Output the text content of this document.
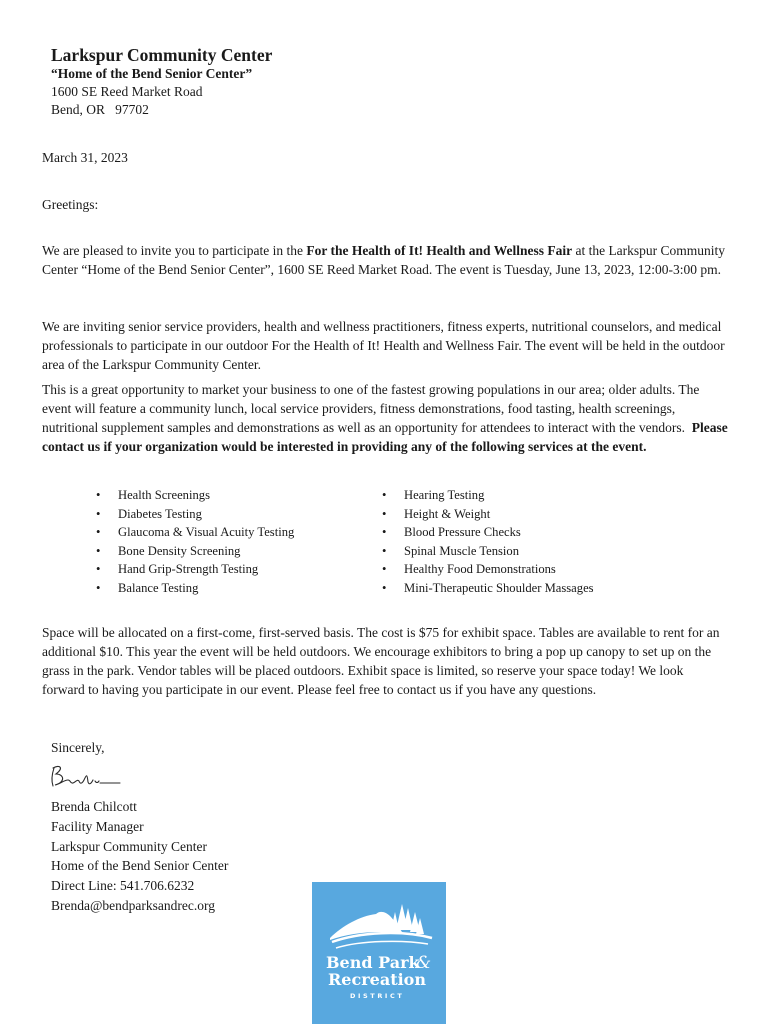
Larkspur Community Center
“Home of the Bend Senior Center”
1600 SE Reed Market Road
Bend, OR   97702
March 31, 2023
Greetings:
We are pleased to invite you to participate in the For the Health of It! Health and Wellness Fair at the Larkspur Community Center “Home of the Bend Senior Center”, 1600 SE Reed Market Road. The event is Tuesday, June 13, 2023, 12:00-3:00 pm.
We are inviting senior service providers, health and wellness practitioners, fitness experts, nutritional counselors, and medical professionals to participate in our outdoor For the Health of It! Health and Wellness Fair. The event will be held in the outdoor area of the Larkspur Community Center.
This is a great opportunity to market your business to one of the fastest growing populations in our area; older adults. The event will feature a community lunch, local service providers, fitness demonstrations, food tasting, health screenings, nutritional supplement samples and demonstrations as well as an opportunity for attendees to interact with the vendors.  Please contact us if your organization would be interested in providing any of the following services at the event.
• Health Screenings
• Diabetes Testing
• Glaucoma & Visual Acuity Testing
• Bone Density Screening
• Hand Grip-Strength Testing
• Balance Testing
• Hearing Testing
• Height & Weight
• Blood Pressure Checks
• Spinal Muscle Tension
• Healthy Food Demonstrations
• Mini-Therapeutic Shoulder Massages
Space will be allocated on a first-come, first-served basis. The cost is $75 for exhibit space. Tables are available to rent for an additional $10. This year the event will be held outdoors. We encourage exhibitors to bring a pop up canopy to set up on the grass in the park. Vendor tables will be placed outdoors. Exhibit space is limited, so reserve your space today! We look forward to having you participate in our event. Please feel free to contact us if you have any questions.
Sincerely,
Brenda Chilcott
Facility Manager
Larkspur Community Center
Home of the Bend Senior Center
Direct Line: 541.706.6232
Brenda@bendparksandrec.org
Bend Park
&
Recreation
DISTRICT
